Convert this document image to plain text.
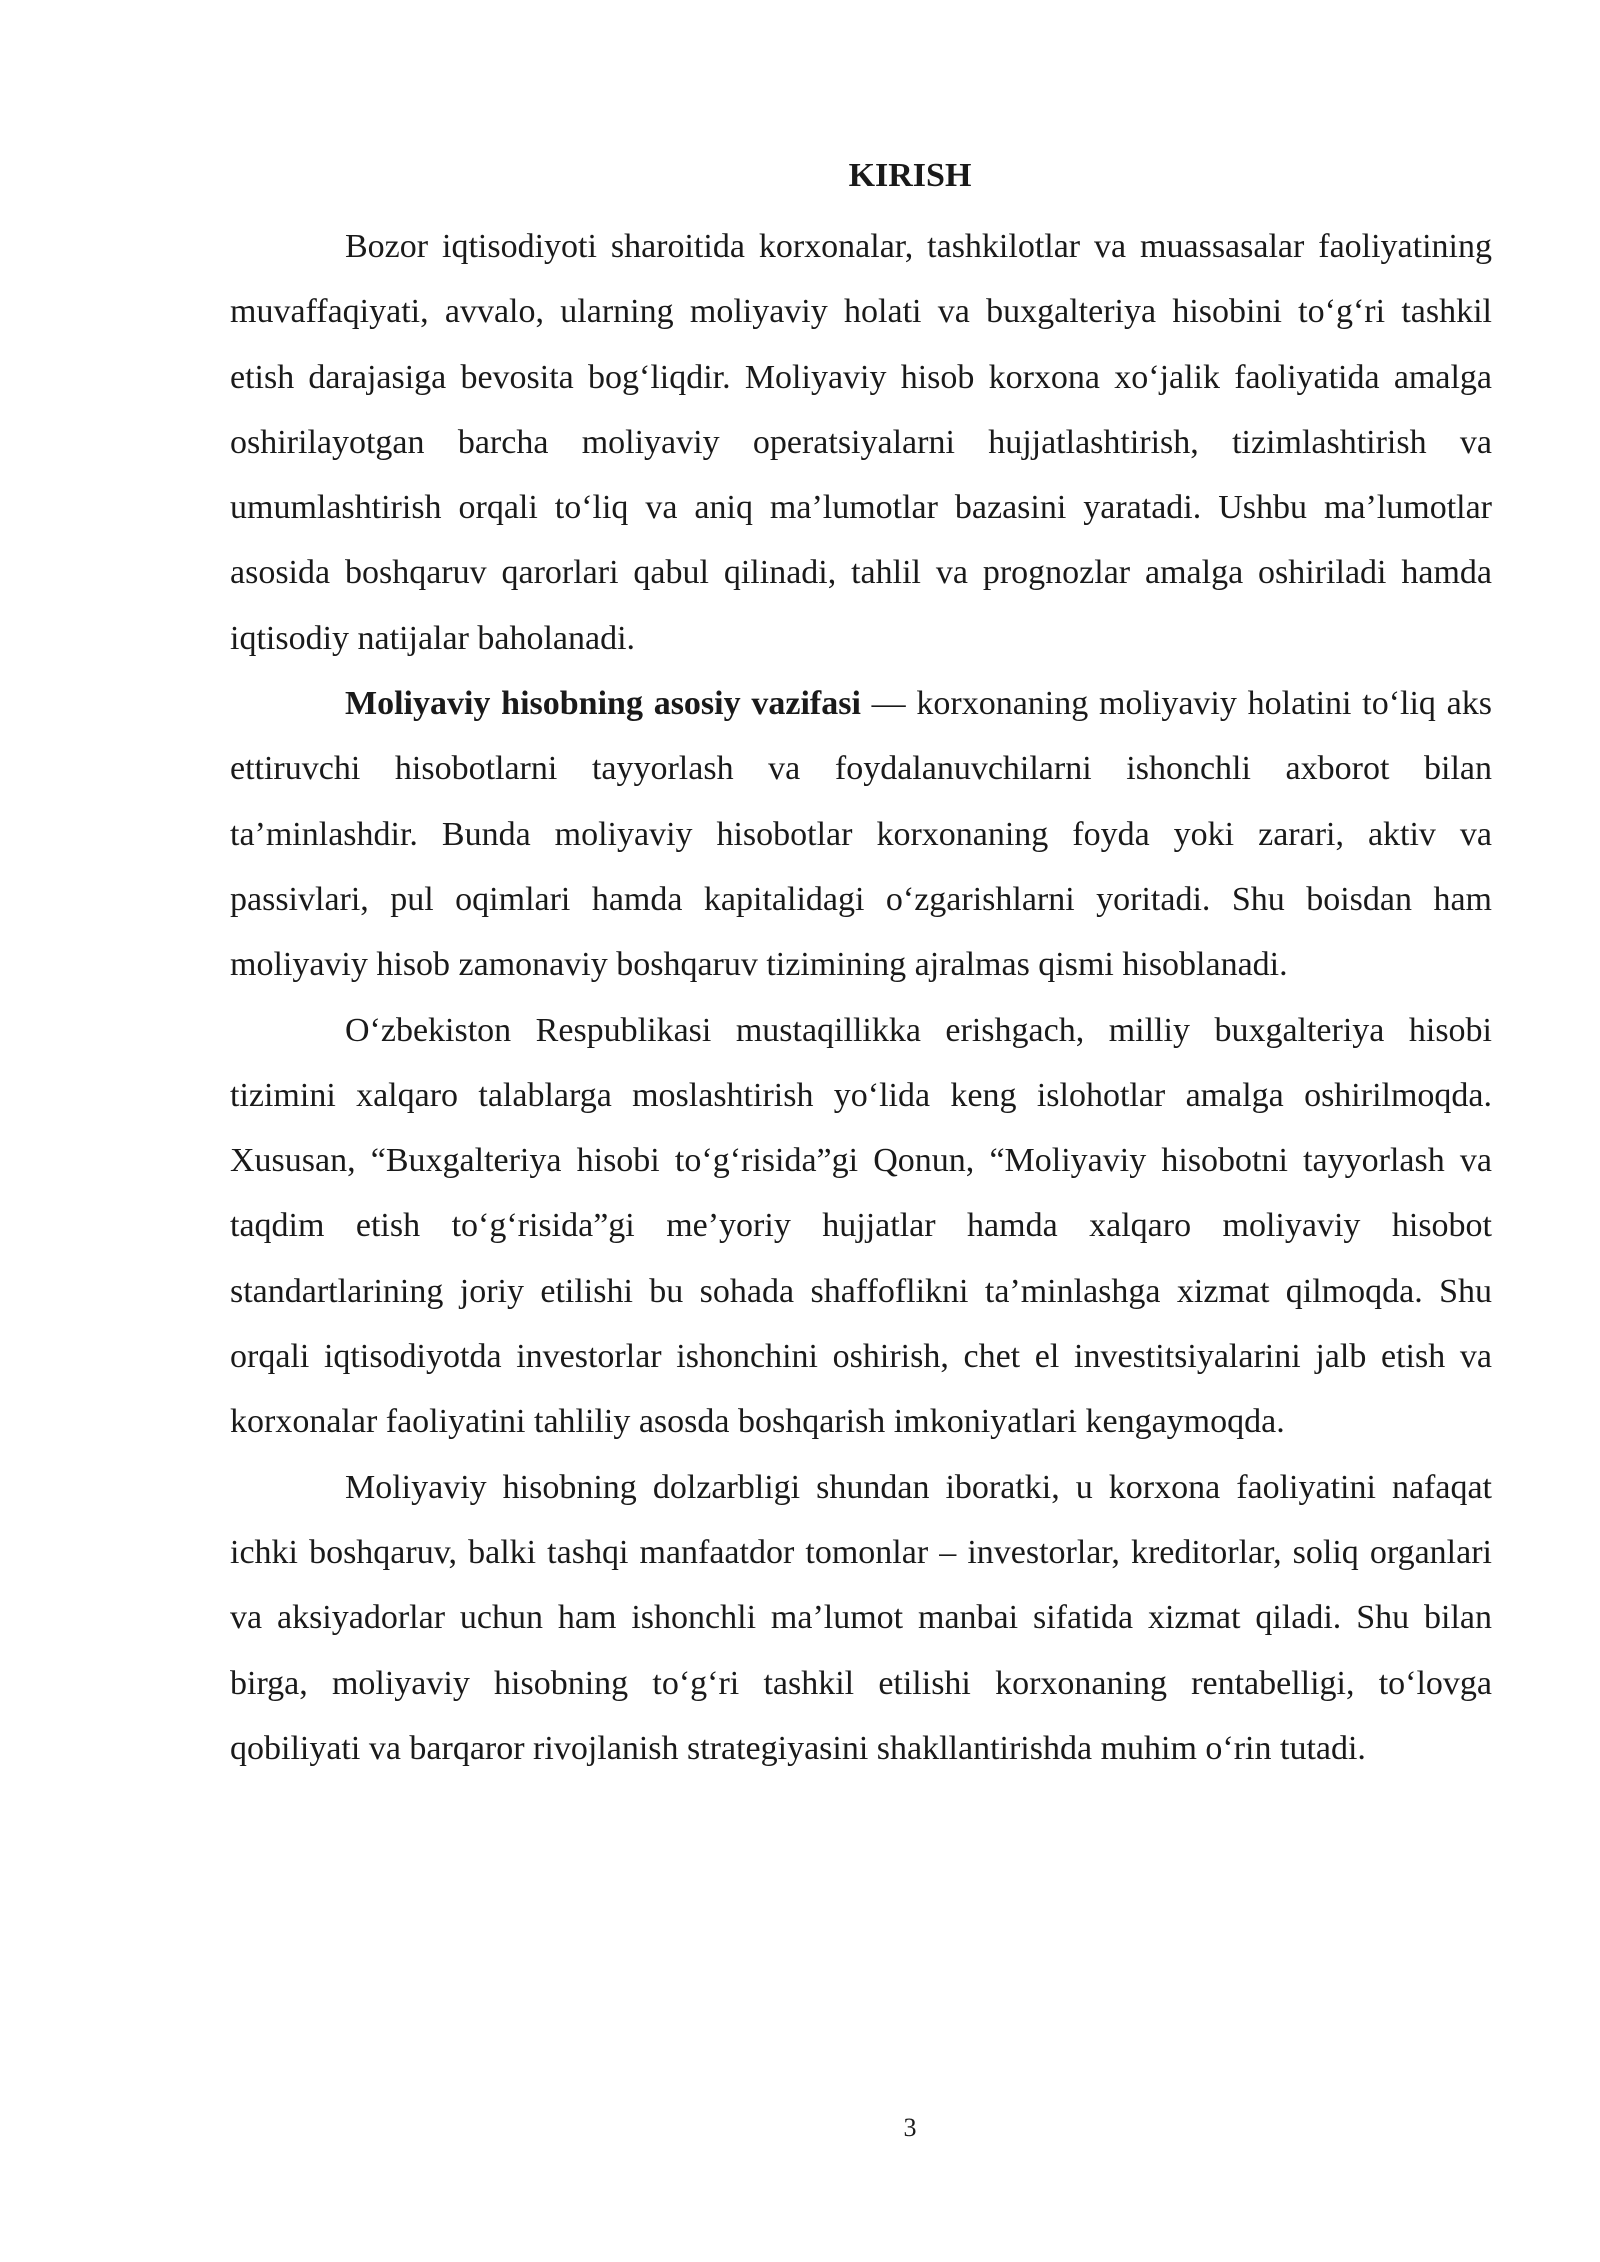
KIRISH

Bozor iqtisodiyoti sharoitida korxonalar, tashkilotlar va muassasalar faoliyatining muvaffaqiyati, avvalo, ularning moliyaviy holati va buxgalteriya hisobini to‘g‘ri tashkil etish darajasiga bevosita bog‘liqdir. Moliyaviy hisob korxona xo‘jalik faoliyatida amalga oshirilayotgan barcha moliyaviy operatsiyalarni hujjatlashtirish, tizimlashtirish va umumlashtirish orqali to‘liq va aniq ma’lumotlar bazasini yaratadi. Ushbu ma’lumotlar asosida boshqaruv qarorlari qabul qilinadi, tahlil va prognozlar amalga oshiriladi hamda iqtisodiy natijalar baholanadi.

Moliyaviy hisobning asosiy vazifasi — korxonaning moliyaviy holatini to‘liq aks ettiruvchi hisobotlarni tayyorlash va foydalanuvchilarni ishonchli axborot bilan ta’minlashdir. Bunda moliyaviy hisobotlar korxonaning foyda yoki zarari, aktiv va passivlari, pul oqimlari hamda kapitalidagi o‘zgarishlarni yoritadi. Shu boisdan ham moliyaviy hisob zamonaviy boshqaruv tizimining ajralmas qismi hisoblanadi.

O‘zbekiston Respublikasi mustaqillikka erishgach, milliy buxgalteriya hisobi tizimini xalqaro talablarga moslashtirish yo‘lida keng islohotlar amalga oshirilmoqda. Xususan, “Buxgalteriya hisobi to‘g‘risida”gi Qonun, “Moliyaviy hisobotni tayyorlash va taqdim etish to‘g‘risida”gi me’yoriy hujjatlar hamda xalqaro moliyaviy hisobot standartlarining joriy etilishi bu sohada shaffoflikni ta’minlashga xizmat qilmoqda. Shu orqali iqtisodiyotda investorlar ishonchini oshirish, chet el investitsiyalarini jalb etish va korxonalar faoliyatini tahliliy asosda boshqarish imkoniyatlari kengaymoqda.

Moliyaviy hisobning dolzarbligi shundan iboratki, u korxona faoliyatini nafaqat ichki boshqaruv, balki tashqi manfaatdor tomonlar – investorlar, kreditorlar, soliq organlari va aksiyadorlar uchun ham ishonchli ma’lumot manbai sifatida xizmat qiladi. Shu bilan birga, moliyaviy hisobning to‘g‘ri tashkil etilishi korxonaning rentabelligi, to‘lovga qobiliyati va barqaror rivojlanish strategiyasini shakllantirishda muhim o‘rin tutadi.

3
